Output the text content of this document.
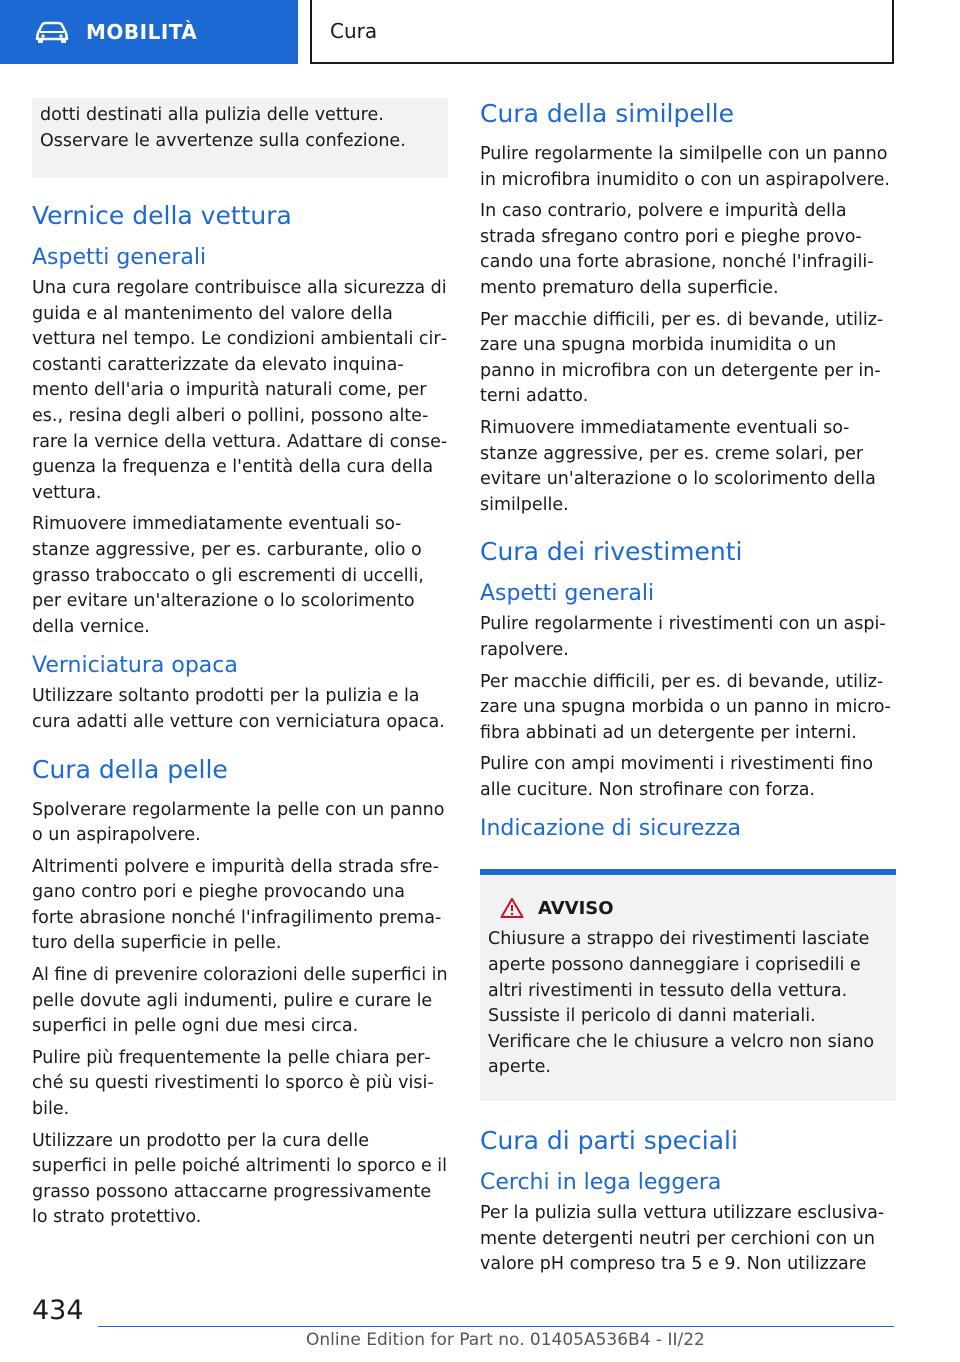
MOBILITÀ	Cura
dotti destinati alla pulizia delle vetture. Osservare le avvertenze sulla confezione.
Vernice della vettura
Aspetti generali

Una cura regolare contribuisce alla sicurezza di guida e al mantenimento del valore della vettura nel tempo. Le condizioni ambientali circostanti caratterizzate da elevato inquinamento dell'aria o impurità naturali come, per es., resina degli alberi o pollini, possono alterare la vernice della vettura. Adattare di conseguenza la frequenza e l'entità della cura della vettura.

Rimuovere immediatamente eventuali sostanze aggressive, per es. carburante, olio o grasso traboccato o gli escrementi di uccelli, per evitare un'alterazione o lo scolorimento della vernice.

Verniciatura opaca

Utilizzare soltanto prodotti per la pulizia e la cura adatti alle vetture con verniciatura opaca.

Cura della pelle

Spolverare regolarmente la pelle con un panno o un aspirapolvere.

Altrimenti polvere e impurità della strada sfregano contro pori e pieghe provocando una forte abrasione nonché l'infragilimento prematuro della superficie in pelle.

Al fine di prevenire colorazioni delle superfici in pelle dovute agli indumenti, pulire e curare le superfici in pelle ogni due mesi circa.

Pulire più frequentemente la pelle chiara perché su questi rivestimenti lo sporco è più visibile.

Utilizzare un prodotto per la cura delle superfici in pelle poiché altrimenti lo sporco e il grasso possono attaccarne progressivamente lo strato protettivo.

Cura della similpelle

Pulire regolarmente la similpelle con un panno in microfibra inumidito o con un aspirapolvere.

In caso contrario, polvere e impurità della strada sfregano contro pori e pieghe provocando una forte abrasione, nonché l'infragilimento prematuro della superficie.

Per macchie difficili, per es. di bevande, utilizzare una spugna morbida inumidita o un panno in microfibra con un detergente per interni adatto.

Rimuovere immediatamente eventuali sostanze aggressive, per es. creme solari, per evitare un'alterazione o lo scolorimento della similpelle.

Cura dei rivestimenti
Aspetti generali

Pulire regolarmente i rivestimenti con un aspirapolvere.

Per macchie difficili, per es. di bevande, utilizzare una spugna morbida o un panno in microfibra abbinati ad un detergente per interni.

Pulire con ampi movimenti i rivestimenti fino alle cuciture. Non strofinare con forza.

Indicazione di sicurezza
AVVISO

Chiusure a strappo dei rivestimenti lasciate aperte possono danneggiare i coprisedili e altri rivestimenti in tessuto della vettura. Sussiste il pericolo di danni materiali. Verificare che le chiusure a velcro non siano aperte.

Cura di parti speciali
Cerchi in lega leggera

Per la pulizia sulla vettura utilizzare esclusivamente detergenti neutri per cerchioni con un valore pH compreso tra 5 e 9. Non utilizzare

434
Online Edition for Part no. 01405A536B4 - II/22
